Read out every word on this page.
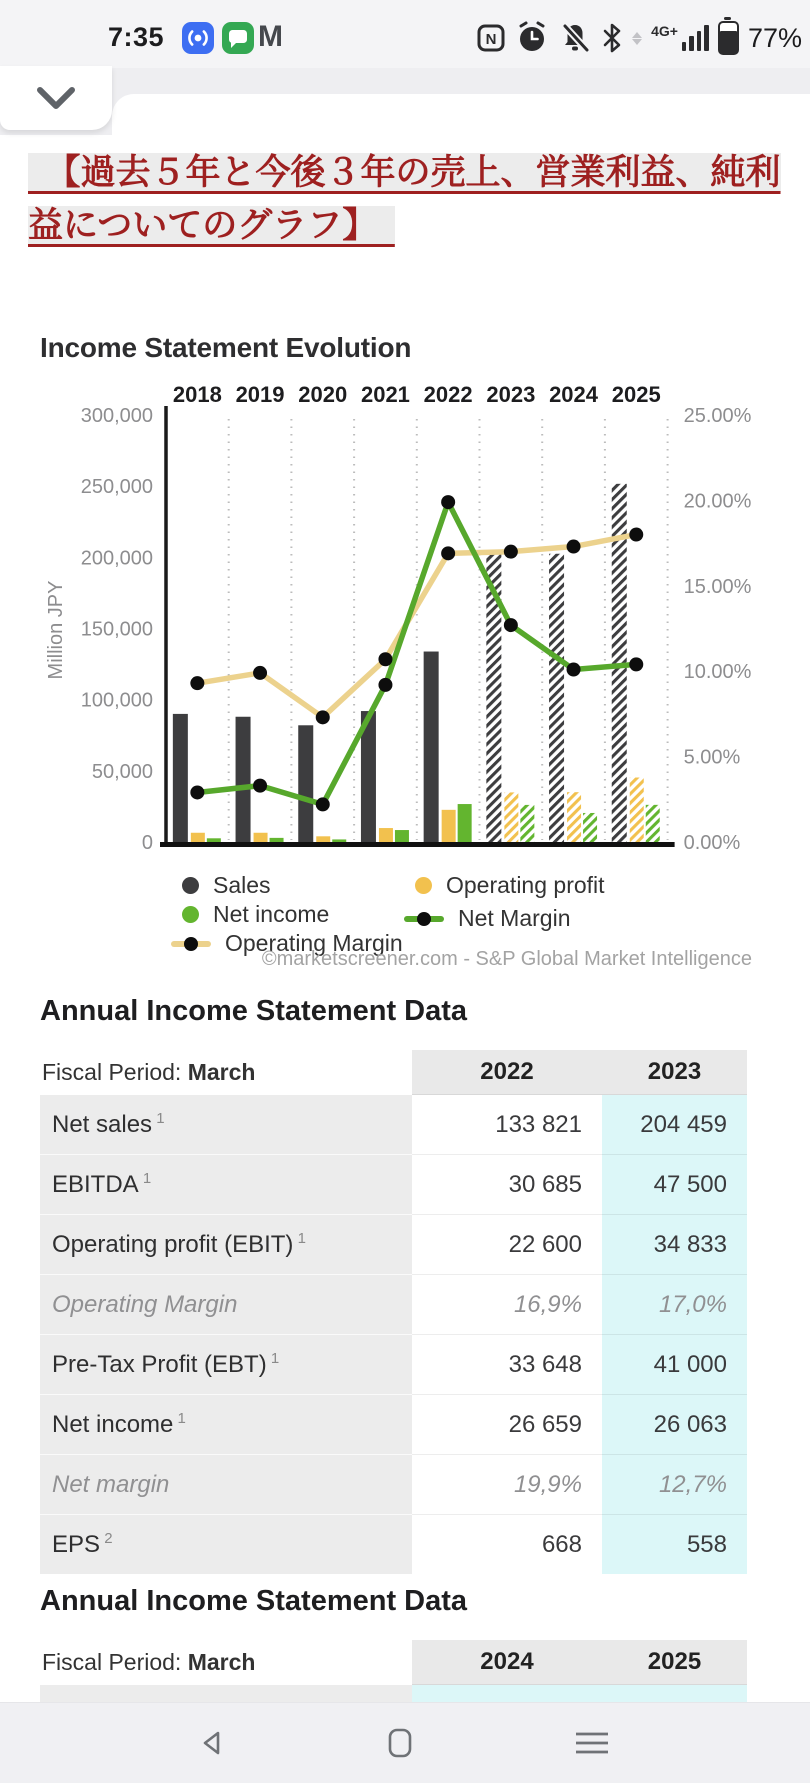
7:35	M	N	4G+	77%
　【過去５年と今後３年の売上、営業利益、純利益についてのグラフ】　
Income Statement Evolution
2018 2019 2020 2021 2022 2023 2024 2025
0
50,000
100,000
150,000
200,000
250,000
300,000
0.00%
5.00%
10.00%
15.00%
20.00%
25.00%
Million JPY
Sales	Operating profit
Net income	Net Margin
Operating Margin
©marketscreener.com - S&P Global Market Intelligence
Annual Income Statement Data
Fiscal Period: March	2022	2023
Net sales $^1$	133 821	204 459
EBITDA $^1$	30 685	47 500
Operating profit (EBIT) $^1$	22 600	34 833
Operating Margin	16,9%	17,0%
Pre-Tax Profit (EBT) $^1$	33 648	41 000
Net income $^1$	26 659	26 063
Net margin	19,9%	12,7%
EPS $^2$	668	558
Annual Income Statement Data
Fiscal Period: March	2024	2025
